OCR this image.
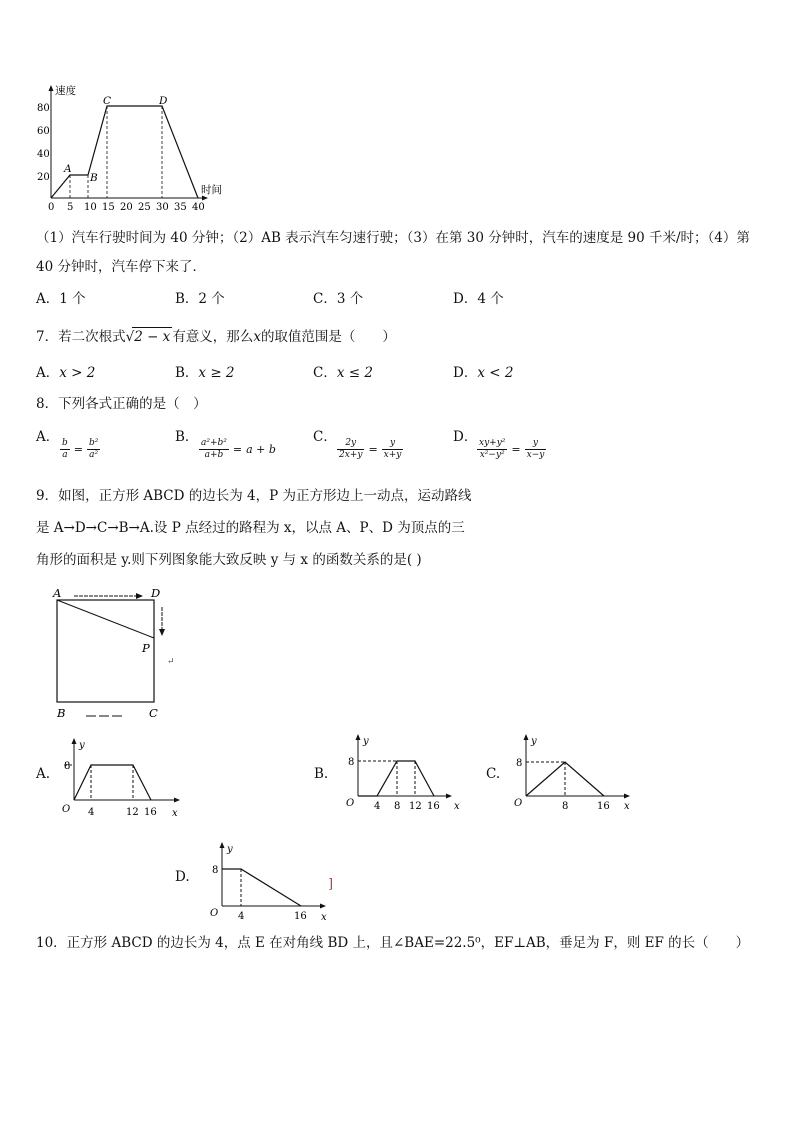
速度
时间
20
40
60
80
0 5 10 15 20 25 30 35 40
A
B
C	D
（1）汽车行驶时间为 40 分钟；（2）AB 表示汽车匀速行驶；（3）在第 30 分钟时，汽车的速度是 90 千米/时；（4）第
40 分钟时，汽车停下来了．
A．1 个	B．2 个	C．3 个	D．4 个
7．若二次根式√2 − x 有意义，那么x的取值范围是（　　）
A．x > 2	B．x ≥ 2	C．x ≤ 2	D．x < 2
8．下列各式正确的是（　）
A．
$\frac{b}{a} = \frac{\text{b²}}{\text{a²}}$
B．
$\frac{\text{a²+b²}}{a+b} = a + b$
C．
$\frac{2y}{2x+y} = \frac{y}{x+y}$
D．
$\frac{\text{xy+y²}}{\text{x²−y²}} = \frac{y}{x-y}$
9．如图，正方形 ABCD 的边长为 4，P 为正方形边上一动点，运动路线
是 A→D→C→B→A.设 P 点经过的路程为 x，以点 A、P、D 为顶点的三
角形的面积是 y.则下列图象能大致反映 y 与 x 的函数关系的是( )
A	D
B	C
P
↵
A.
y
8
O 4	12 16 x
B.
y
8
O 4 8 12 16 x
C.
y
8
O	8	16 x
D.
y
8
O 4	16 x
]
10．正方形 ABCD 的边长为 4，点 E 在对角线 BD 上，且∠BAE=22.5⁰，EF⊥AB，垂足为 F，则 EF 的长（　　）
